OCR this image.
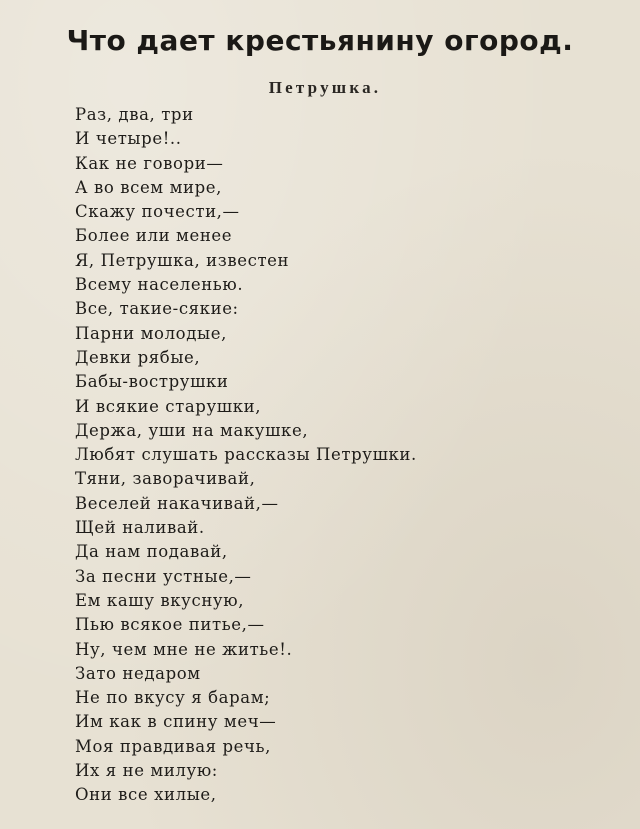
Что дает крестьянину огород.
Петрушка.
Раз, два, три
И четыре!..
Как не говори—
А во всем мире,
Скажу почести,—
Более или менее
Я, Петрушка, известен
Всему населенью.
Все, такие-сякие:
Парни молодые,
Девки рябые,
Бабы-вострушки
И всякие старушки,
Держа, уши на макушке,
Любят слушать рассказы Петрушки.
Тяни, заворачивай,
Веселей накачивай,—
Щей наливай.
Да нам подавай,
За песни устные,—
Ем кашу вкусную,
Пью всякое питье,—
Ну, чем мне не житье!.
Зато недаром
Не по вкусу я барам;
Им как в спину меч—
Моя правдивая речь,
Их я не милую:
Они все хилые,
